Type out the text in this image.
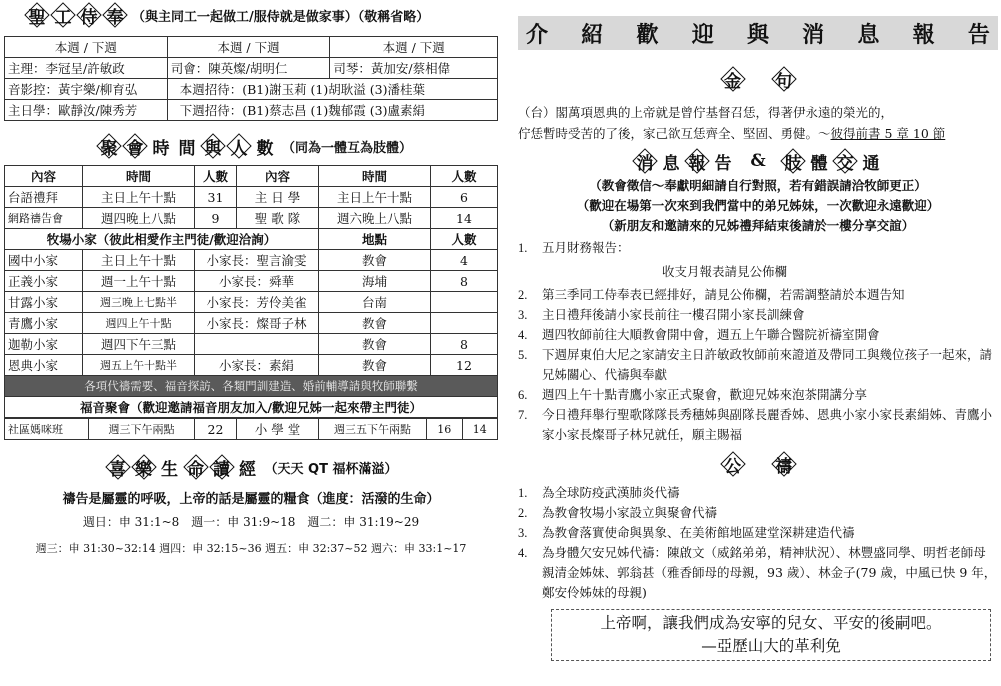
聖 工 侍 奉 （與主同工一起做工/服侍就是做家事）（敬稱省略）
本週 / 下週	本週 / 下週	本週 / 下週
主理：李冠呈/許敏政	司會：陳英燦/胡明仁	司琴：黃加安/蔡相偉
音影控：黃宇樂/柳育弘	本週招待：(B1)謝玉莉 (1)胡耿溢 (3)潘桂葉	
主日學：歐靜汝/陳秀芳	下週招待：(B1)蔡志昌 (1)魏郁霞 (3)盧素絹	
聚 會 時 間 與 人 數 （同為一體互為肢體）
內容	時間	人數	內容	時間	人數
台語禮拜	主日上午十點	31	主 日 學	主日上午十點	6
網路禱告會	週四晚上八點	9	聖 歌 隊	週六晚上八點	14
牧場小家（彼此相愛作主門徒/歡迎洽詢）				地點	人數
國中小家	主日上午十點	小家長：聖言渝雯		教會	4
正義小家	週一上午十點	小家長：舜華		海埔	8
甘露小家	週三晚上七點半	小家長：芳伶美雀		台南	
青鷹小家	週四上午十點	小家長：燦哥子林		教會	
迦勒小家	週四下午三點			教會	8
恩典小家	週五上午十點半	小家長：素絹		教會	12
各項代禱需要、福音探訪、各類門訓建造、婚前輔導請與牧師聯繫					
福音聚會（歡迎邀請福音朋友加入/歡迎兄姊一起來帶主門徒）					
社區媽咪班	週三下午兩點	22	小 學 堂	週三五下午兩點	16	14
喜 樂 生 命 讀 經 （天天 QT 福杯滿溢）
禱告是屬靈的呼吸，上帝的話是屬靈的糧食（進度：活潑的生命）
週日：申 31:1~8　週一：申 31:9~18　週二：申 31:19~29
週三：申 31:30~32:14 週四：申 32:15~36 週五：申 32:37~52 週六：申 33:1~17
介 紹 歡 迎 與 消 息 報 告
金 句
（台）閣萬項恩典的上帝就是曾佇基督召恁，得著伊永遠的榮光的，
佇恁暫時受苦的了後，家己欲互恁齊全、堅固、勇健。～彼得前書 5 章 10 節
消 息 報 告 & 肢 體 交 通
（教會徵信～奉獻明細請自行對照，若有錯誤請洽牧師更正）
（歡迎在場第一次來到我們當中的弟兄姊妹，一次歡迎永遠歡迎）
（新朋友和邀請來的兄姊禮拜結束後請於一樓分享交誼）
1.	五月財務報告：
收支月報表請見公佈欄
2.	第三季同工侍奉表已經排好，請見公佈欄，若需調整請於本週告知
3.	主日禮拜後請小家長前往一樓召開小家長訓練會
4.	週四牧師前往大順教會開中會，週五上午聯合醫院祈禱室開會
5.	下週屏東伯大尼之家請安主日許敏政牧師前來證道及帶同工與幾位孩子一起來，請兄姊關心、代禱與奉獻
6.	週四上午十點青鷹小家正式聚會，歡迎兄姊來泡茶開講分享
7.	今日禮拜舉行聖歌隊隊長秀穗姊與副隊長麗香姊、恩典小家小家長素絹姊、青鷹小家小家長燦哥子林兄就任，願主賜福
公 禱
1.	為全球防疫武漢肺炎代禱
2.	為教會牧場小家設立與聚會代禱
3.	為教會落實使命與異象、在美術館地區建堂深耕建造代禱
4.	為身體欠安兄姊代禱：陳啟文（威銘弟弟，精神狀況）、林豐盛同學、明哲老師母親清金姊妹、郭翁甚（雅香師母的母親，93 歲）、林金子(79 歲，中風已快 9 年，鄭安伶姊妹的母親)
上帝啊，讓我們成為安寧的兒女、平安的後嗣吧。
—亞歷山大的革利免
